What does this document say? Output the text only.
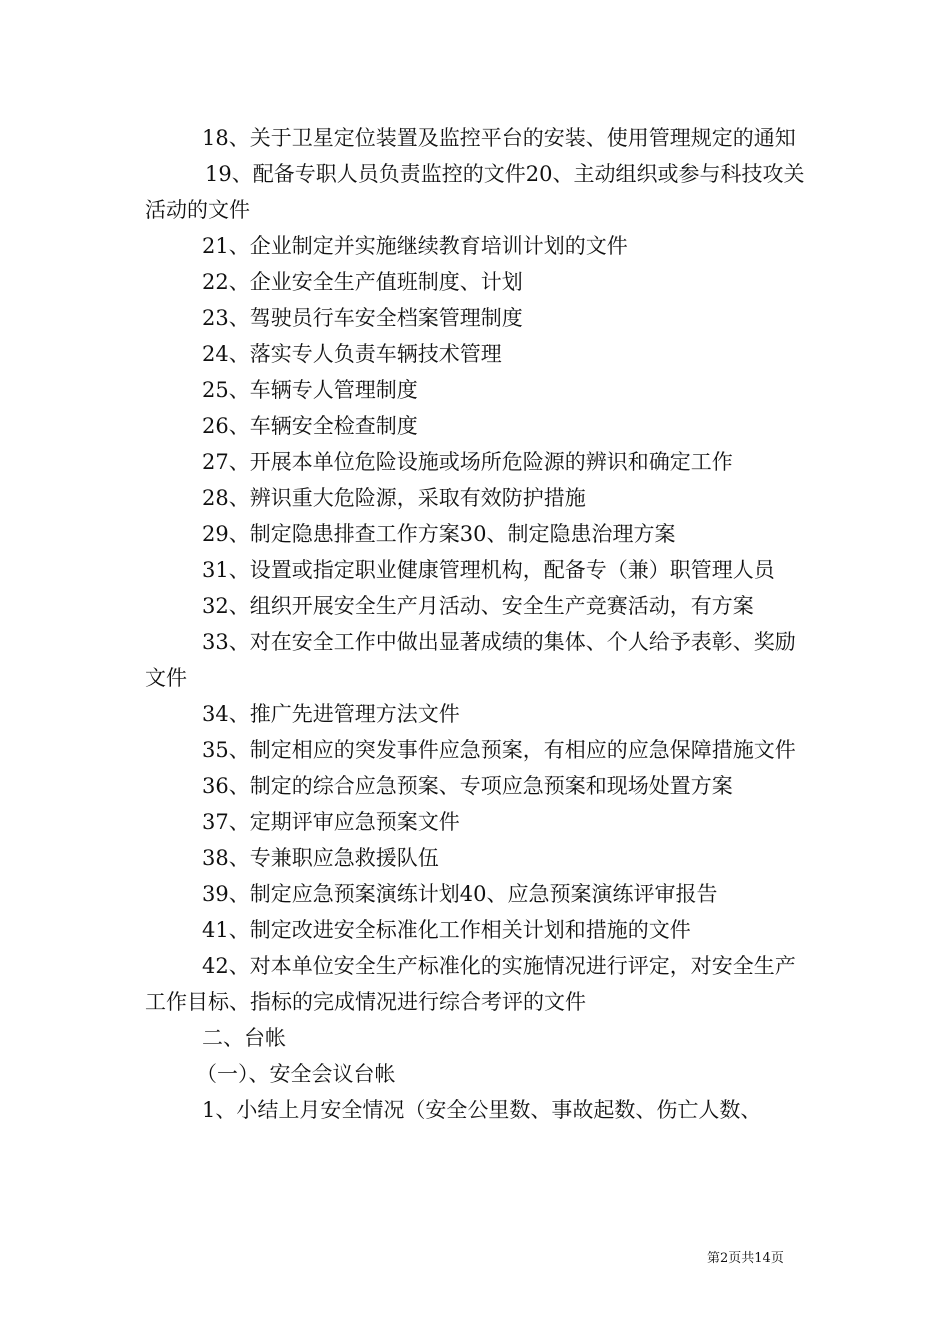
18、关于卫星定位装置及监控平台的安装、使用管理规定的通知

19、配备专职人员负责监控的文件20、主动组织或参与科技攻关活动的文件

21、企业制定并实施继续教育培训计划的文件

22、企业安全生产值班制度、计划

23、驾驶员行车安全档案管理制度

24、落实专人负责车辆技术管理

25、车辆专人管理制度

26、车辆安全检查制度

27、开展本单位危险设施或场所危险源的辨识和确定工作

28、辨识重大危险源，采取有效防护措施

29、制定隐患排查工作方案30、制定隐患治理方案

31、设置或指定职业健康管理机构，配备专（兼）职管理人员

32、组织开展安全生产月活动、安全生产竞赛活动，有方案

33、对在安全工作中做出显著成绩的集体、个人给予表彰、奖励文件

34、推广先进管理方法文件

35、制定相应的突发事件应急预案，有相应的应急保障措施文件

36、制定的综合应急预案、专项应急预案和现场处置方案

37、定期评审应急预案文件

38、专兼职应急救援队伍

39、制定应急预案演练计划40、应急预案演练评审报告

41、制定改进安全标准化工作相关计划和措施的文件

42、对本单位安全生产标准化的实施情况进行评定，对安全生产工作目标、指标的完成情况进行综合考评的文件

二、台帐

（一）、安全会议台帐

1、小结上月安全情况（安全公里数、事故起数、伤亡人数、

第2页共14页
